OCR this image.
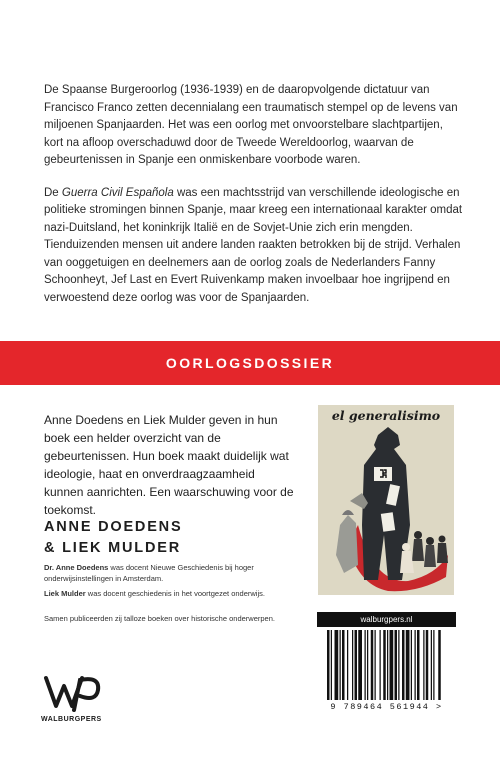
De Spaanse Burgeroorlog (1936-1939) en de daaropvolgende dictatuur van Francisco Franco zetten decennialang een traumatisch stempel op de levens van miljoenen Spanjaarden. Het was een oorlog met onvoorstelbare slachtpartijen, kort na afloop overschaduwd door de Tweede Wereldoorlog, waarvan de gebeurtenissen in Spanje een onmiskenbare voorbode waren.

De Guerra Civil Española was een machtsstrijd van verschillende ideologische en politieke stromingen binnen Spanje, maar kreeg een internationaal karakter omdat nazi-Duitsland, het koninkrijk Italië en de Sovjet-Unie zich erin mengden. Tienduizenden mensen uit andere landen raakten betrokken bij de strijd. Verhalen van ooggetuigen en deelnemers aan de oorlog zoals de Nederlanders Fanny Schoonheyt, Jef Last en Evert Ruivenkamp maken invoelbaar hoe ingrijpend en verwoestend deze oorlog was voor de Spanjaarden.

OORLOGSDOSSIER
Anne Doedens en Liek Mulder geven in hun boek een helder overzicht van de gebeurtenissen. Hun boek maakt duidelijk wat ideologie, haat en onverdraagzaamheid kunnen aanrichten. Een waarschuwing voor de toekomst.
el generalisimo
ANNE DOEDENS
& LIEK MULDER
Dr. Anne Doedens was docent Nieuwe Geschiedenis bij hoger onderwijsinstellingen in Amsterdam.
Liek Mulder was docent geschiedenis in het voortgezet onderwijs.
Samen publiceerden zij talloze boeken over historische onderwerpen.
WALBURGPERS
walburgpers.nl
9 789464 561944 >
